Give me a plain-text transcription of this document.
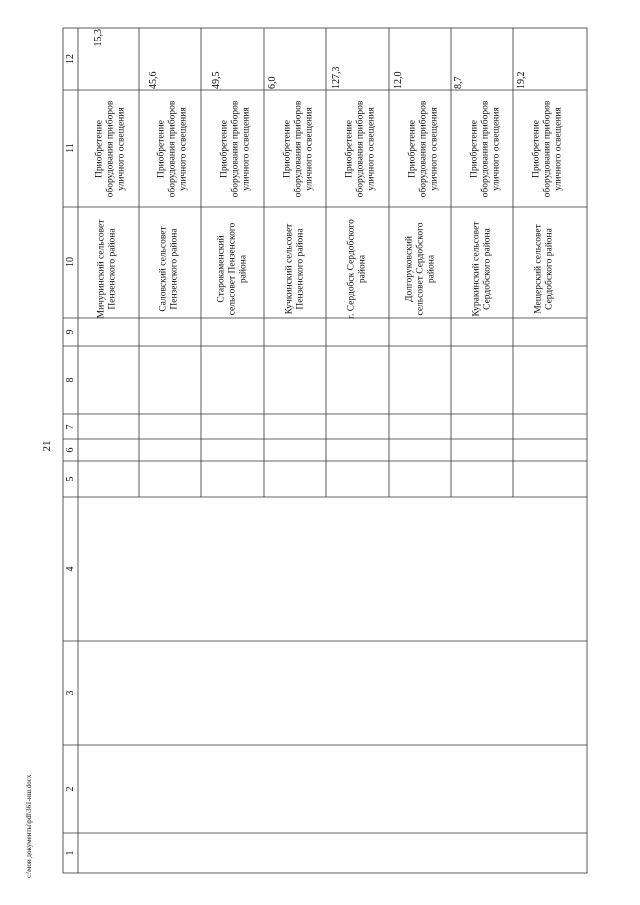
21
1
2
3
4
5
6
7
8
9
10
11
12
Мичуринский сельсовет Пензенского района
Приобретение оборудования приборов уличного освещения
15,3
Саловский сельсовет Пензенского района
Приобретение оборудования приборов уличного освещения
45,6
Старокаменский сельсовет Пензенского района
Приобретение оборудования приборов уличного освещения
49,5
Кучкинский сельсовет Пензенского района
Приобретение оборудования приборов уличного освещения
6,0
г. Сердобск Сердобского района
Приобретение оборудования приборов уличного освещения
127,3
Долгоруковский сельсовет Сердобского района
Приобретение оборудования приборов уличного освещения
12,0
Куракинский сельсовет Сердобского района
Приобретение оборудования приборов уличного освещения
8,7
Мещерский сельсовет Сердобского района
Приобретение оборудования приборов уличного освещения
19,2
c:\мои документы\pdl\361-нш.docx
